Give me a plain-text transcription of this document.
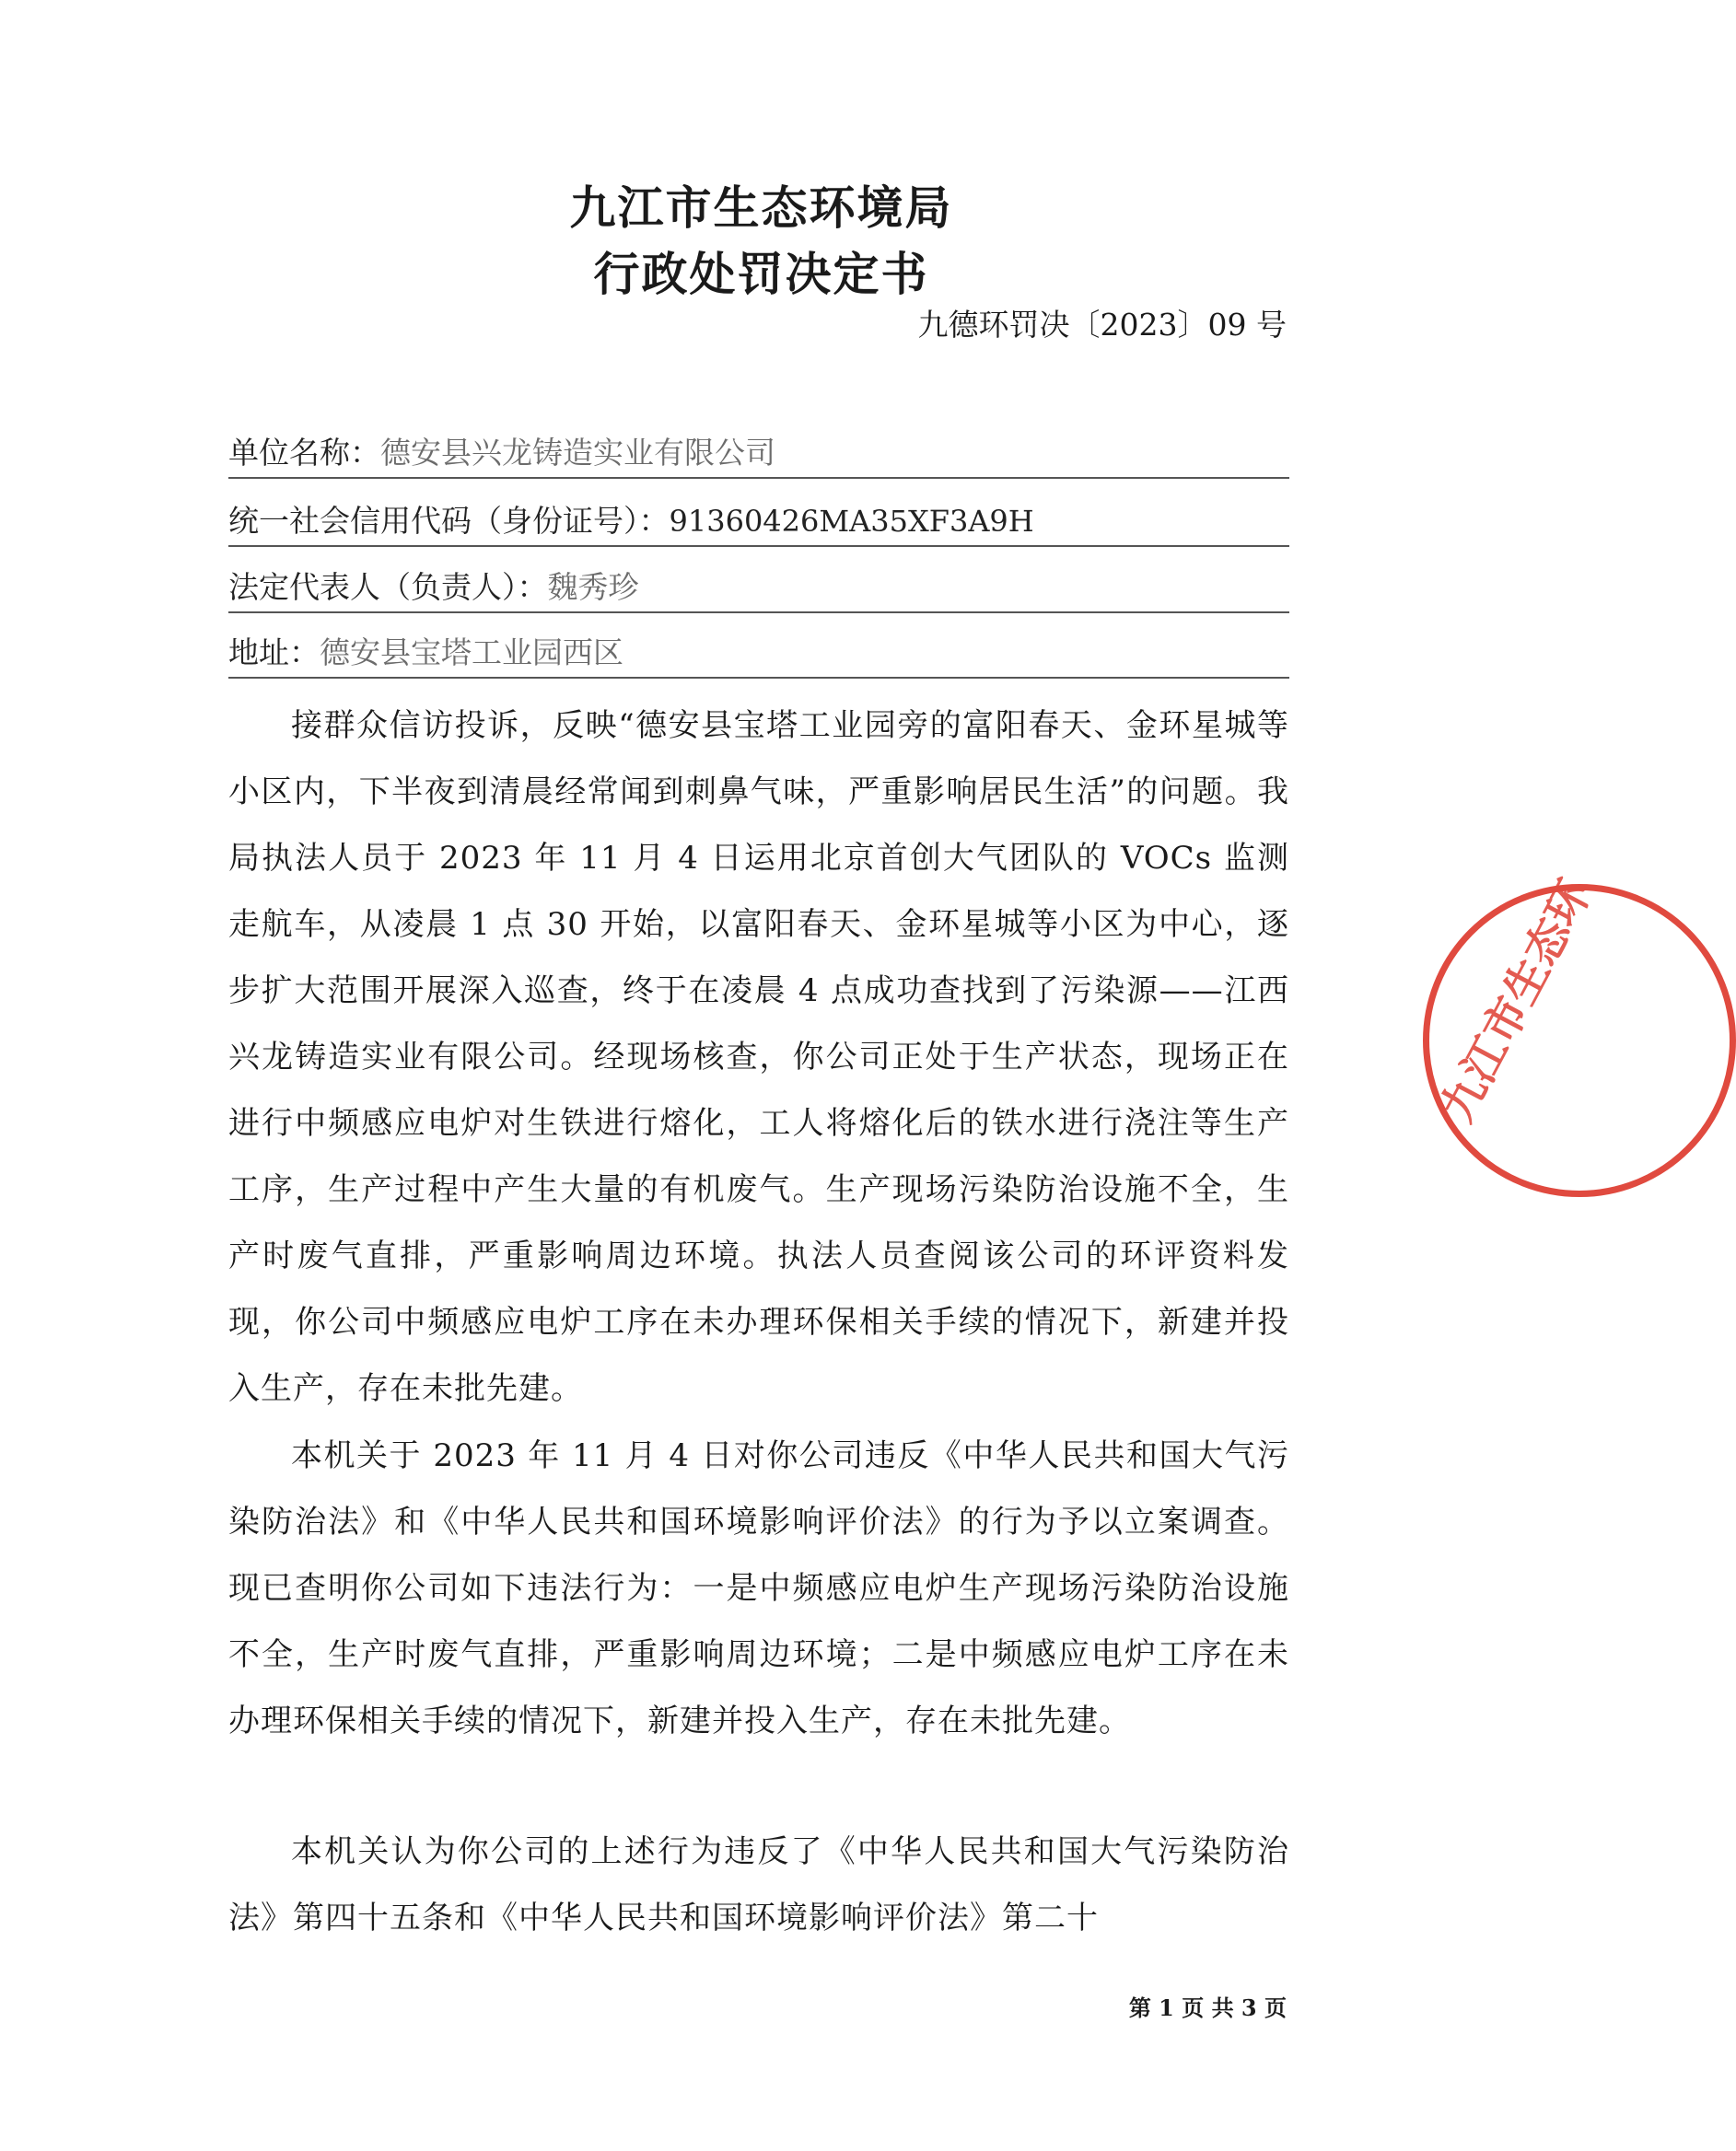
九江市生态环境局
行政处罚决定书
九德环罚决〔2023〕09 号
单位名称：德安县兴龙铸造实业有限公司
统一社会信用代码（身份证号）：91360426MA35XF3A9H
法定代表人（负责人）：魏秀珍
地址：德安县宝塔工业园西区

接群众信访投诉，反映“德安县宝塔工业园旁的富阳春天、金环星城等小区内，下半夜到清晨经常闻到刺鼻气味，严重影响居民生活”的问题。我局执法人员于 2023 年 11 月 4 日运用北京首创大气团队的 VOCs 监测走航车，从凌晨 1 点 30 开始，以富阳春天、金环星城等小区为中心，逐步扩大范围开展深入巡查，终于在凌晨 4 点成功查找到了污染源——江西兴龙铸造实业有限公司。经现场核查，你公司正处于生产状态，现场正在进行中频感应电炉对生铁进行熔化，工人将熔化后的铁水进行浇注等生产工序，生产过程中产生大量的有机废气。生产现场污染防治设施不全，生产时废气直排，严重影响周边环境。执法人员查阅该公司的环评资料发现，你公司中频感应电炉工序在未办理环保相关手续的情况下，新建并投入生产，存在未批先建。

本机关于 2023 年 11 月 4 日对你公司违反《中华人民共和国大气污染防治法》和《中华人民共和国环境影响评价法》的行为予以立案调查。现已查明你公司如下违法行为：一是中频感应电炉生产现场污染防治设施不全，生产时废气直排，严重影响周边环境；二是中频感应电炉工序在未办理环保相关手续的情况下，新建并投入生产，存在未批先建。

本机关认为你公司的上述行为违反了《中华人民共和国大气污染防治法》第四十五条和《中华人民共和国环境影响评价法》第二十

第 1 页 共 3 页
九江市生态环
